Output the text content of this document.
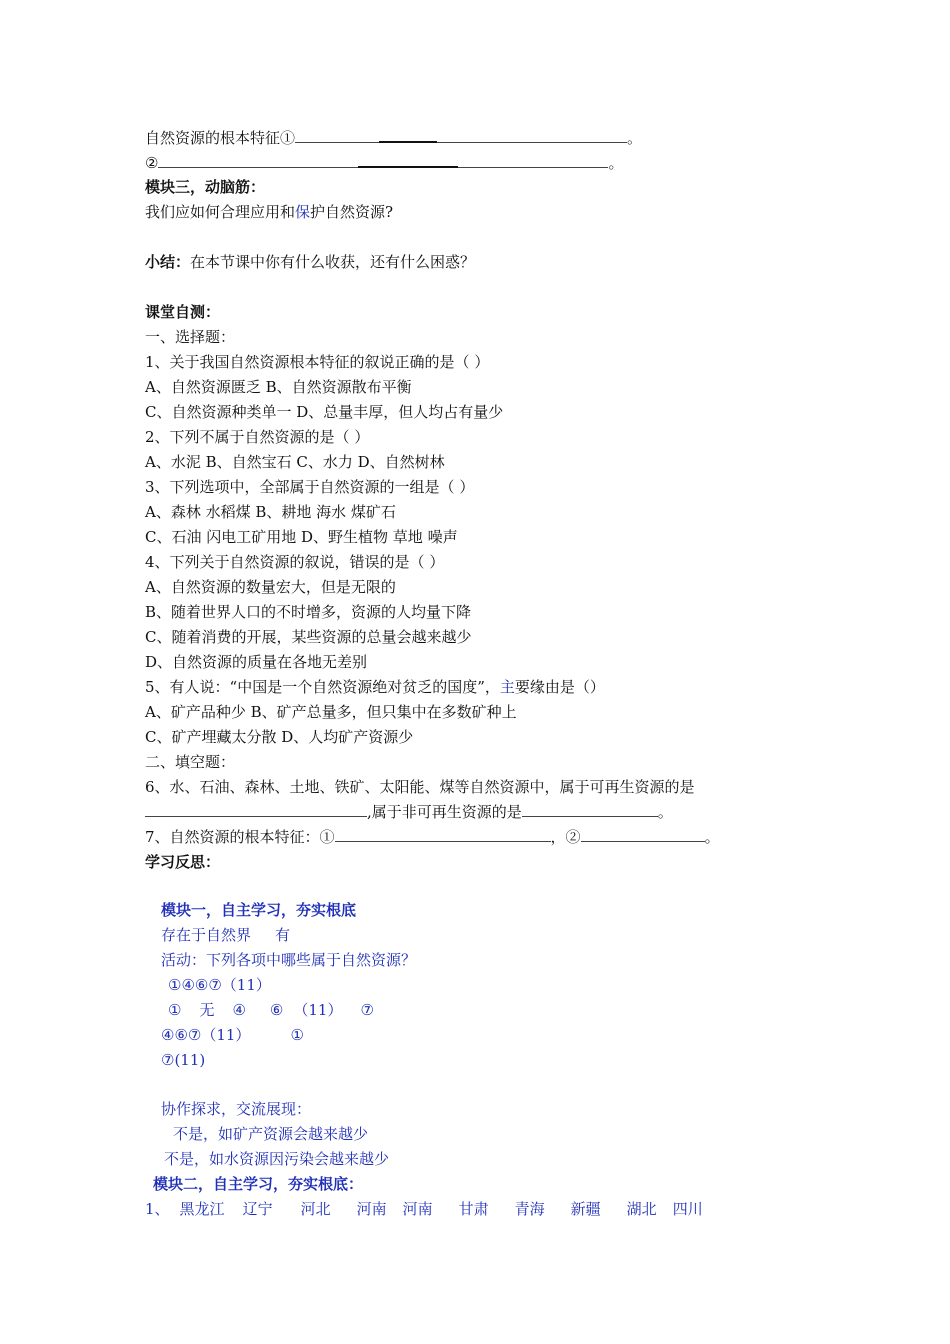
自然资源的根本特征①	。
②	。
模块三，动脑筋：
我们应如何合理应用和保护自然资源?
小结：在本节课中你有什么收获，还有什么困惑？
课堂自测：
一、选择题：
1、关于我国自然资源根本特征的叙说正确的是（ ）
A、自然资源匮乏 B、自然资源散布平衡
C、自然资源种类单一 D、总量丰厚，但人均占有量少
2、下列不属于自然资源的是（ ）
A、水泥 B、自然宝石 C、水力 D、自然树林
3、下列选项中，全部属于自然资源的一组是（ ）
A、森林 水稻煤 B、耕地 海水 煤矿石
C、石油 闪电工矿用地 D、野生植物 草地 噪声
4、下列关于自然资源的叙说，错误的是（ ）
A、自然资源的数量宏大，但是无限的
B、随着世界人口的不时增多，资源的人均量下降
C、随着消费的开展，某些资源的总量会越来越少
D、自然资源的质量在各地无差别
5、有人说：“中国是一个自然资源绝对贫乏的国度”，主要缘由是（）
A、矿产品种少 B、矿产总量多，但只集中在多数矿种上
C、矿产埋藏太分散 D、人均矿产资源少
二、填空题：
6、水、石油、森林、土地、铁矿、太阳能、煤等自然资源中，属于可再生资源的是
,属于非可再生资源的是	。
7、自然资源的根本特征：①	，②	。
学习反思：
模块一，自主学习，夯实根底
存在于自然界 有
活动：下列各项中哪些属于自然资源？
①④⑥⑦（11）
① 无 ④ ⑥ （11） ⑦
④⑥⑦（11）	①
⑦(11)
协作探求，交流展现：
不是，如矿产资源会越来越少
不是，如水资源因污染会越来越少
模块二，自主学习，夯实根底：
1、 黑龙江 辽宁 河北 河南 河南 甘肃 青海 新疆 湖北 四川
